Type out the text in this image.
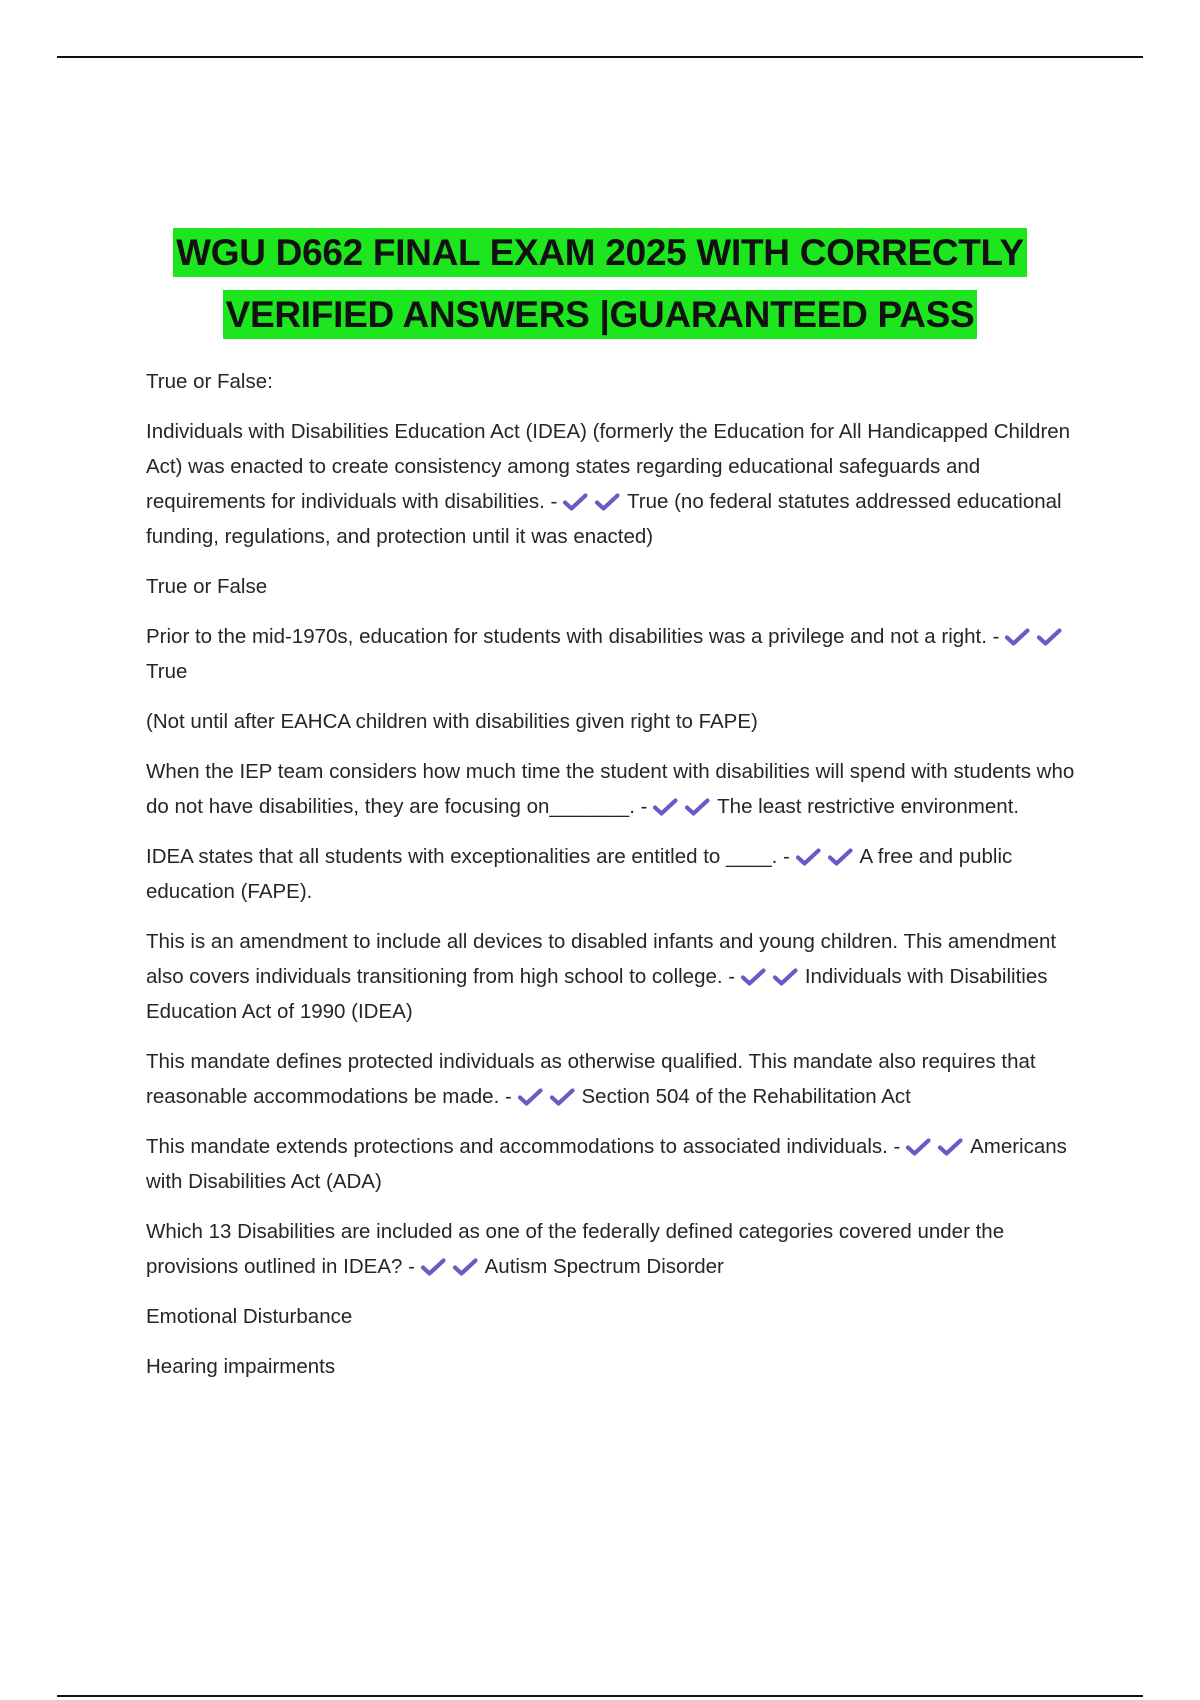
WGU D662 FINAL EXAM 2025 WITH CORRECTLY
VERIFIED ANSWERS |GUARANTEED PASS

True or False:

Individuals with Disabilities Education Act (IDEA) (formerly the Education for All Handicapped Children Act) was enacted to create consistency among states regarding educational safeguards and requirements for individuals with disabilities. -	True (no federal statutes addressed educational funding, regulations, and protection until it was enacted)

True or False

Prior to the mid-1970s, education for students with disabilities was a privilege and not a right. -
True

(Not until after EAHCA children with disabilities given right to FAPE)

When the IEP team considers how much time the student with disabilities will spend with students who do not have disabilities, they are focusing on_______. -	The least restrictive environment.

IDEA states that all students with exceptionalities are entitled to ____. -	A free and public education (FAPE).

This is an amendment to include all devices to disabled infants and young children. This amendment also covers individuals transitioning from high school to college. -	Individuals with Disabilities Education Act of 1990 (IDEA)

This mandate defines protected individuals as otherwise qualified. This mandate also requires that reasonable accommodations be made. -	Section 504 of the Rehabilitation Act

This mandate extends protections and accommodations to associated individuals. -	Americans with Disabilities Act (ADA)

Which 13 Disabilities are included as one of the federally defined categories covered under the provisions outlined in IDEA? -	Autism Spectrum Disorder

Emotional Disturbance

Hearing impairments
